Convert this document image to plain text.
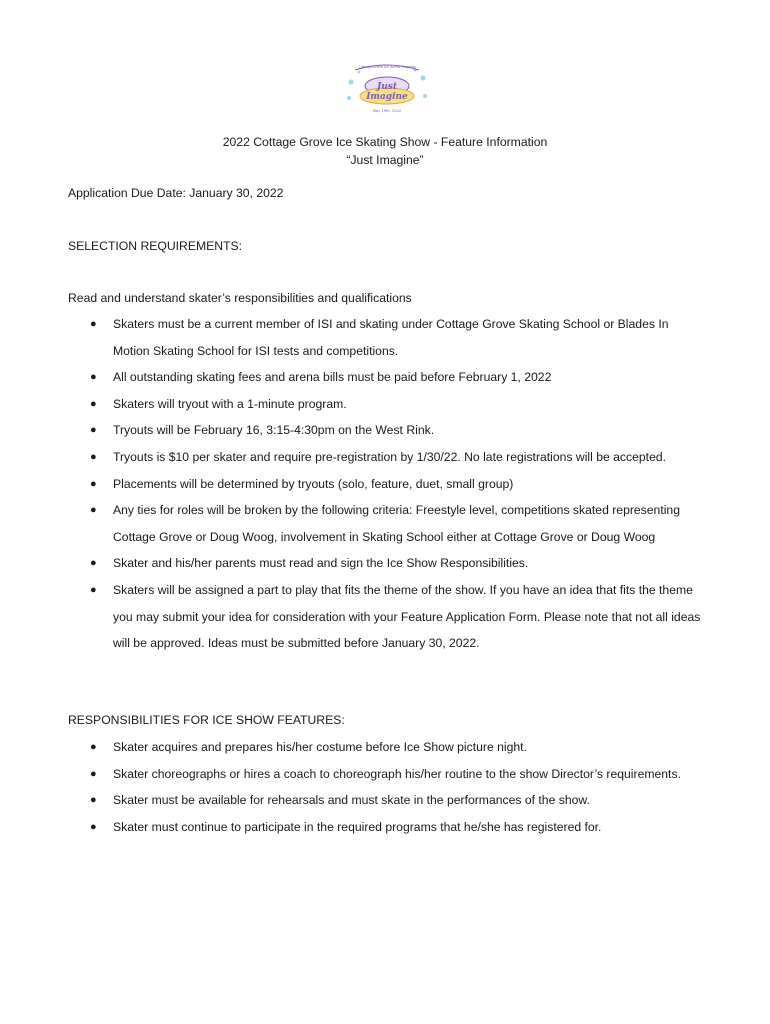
Just
Imagine
May 19th, 2022
Cottage Grove Ice Arena Presents
2022 Cottage Grove Ice Skating Show - Feature Information
“Just Imagine”
Application Due Date: January 30, 2022
SELECTION REQUIREMENTS:
Read and understand skater’s responsibilities and qualifications
● Skaters must be a current member of ISI and skating under Cottage Grove Skating School or Blades In Motion Skating School for ISI tests and competitions.
● All outstanding skating fees and arena bills must be paid before February 1, 2022
● Skaters will tryout with a 1-minute program.
● Tryouts will be February 16, 3:15-4:30pm on the West Rink.
● Tryouts is $10 per skater and require pre-registration by 1/30/22. No late registrations will be accepted.
● Placements will be determined by tryouts (solo, feature, duet, small group)
● Any ties for roles will be broken by the following criteria: Freestyle level, competitions skated representing Cottage Grove or Doug Woog, involvement in Skating School either at Cottage Grove or Doug Woog
● Skater and his/her parents must read and sign the Ice Show Responsibilities.
● Skaters will be assigned a part to play that fits the theme of the show. If you have an idea that fits the theme you may submit your idea for consideration with your Feature Application Form. Please note that not all ideas will be approved. Ideas must be submitted before January 30, 2022.
RESPONSIBILITIES FOR ICE SHOW FEATURES:
● Skater acquires and prepares his/her costume before Ice Show picture night.
● Skater choreographs or hires a coach to choreograph his/her routine to the show Director’s requirements.
● Skater must be available for rehearsals and must skate in the performances of the show.
● Skater must continue to participate in the required programs that he/she has registered for.
